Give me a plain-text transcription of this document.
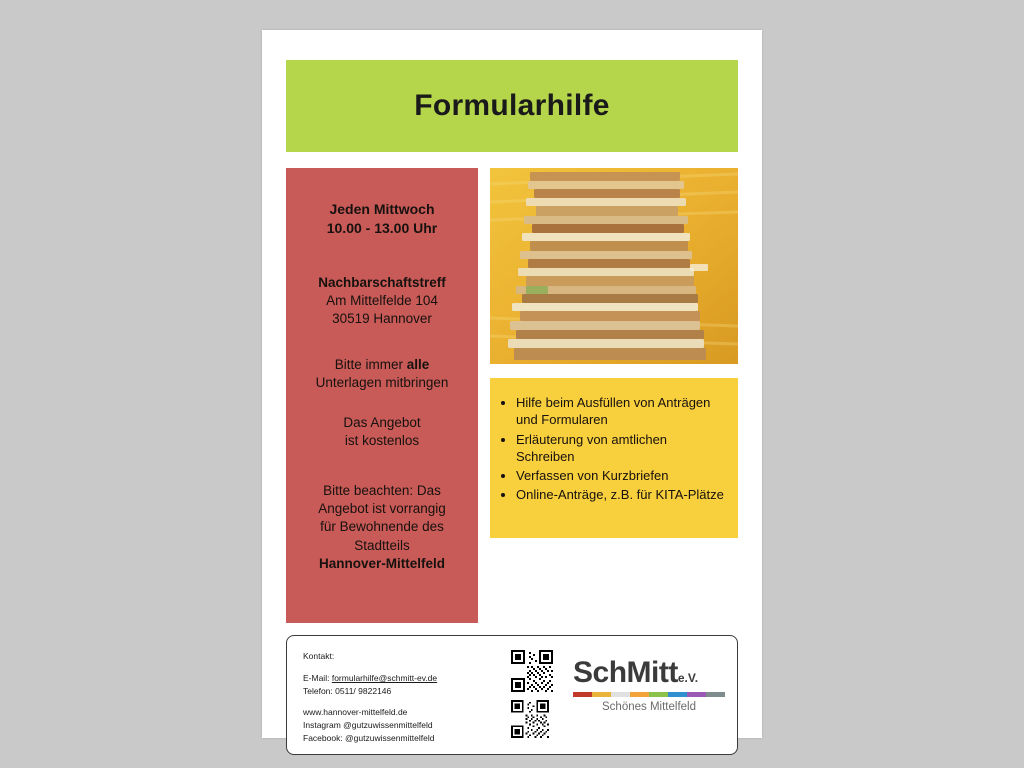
Formularhilfe
Jeden Mittwoch
10.00 - 13.00 Uhr
Nachbarschaftstreff
Am Mittelfelde 104
30519 Hannover
Bitte immer alle
Unterlagen mitbringen
Das Angebot
ist kostenlos
Bitte beachten: Das
Angebot ist vorrangig
für Bewohnende des
Stadtteils
Hannover-Mittelfeld
• Hilfe beim Ausfüllen von Anträgen und Formularen
• Erläuterung von amtlichen Schreiben
• Verfassen von Kurzbriefen
• Online-Anträge, z.B. für KITA-Plätze
Kontakt:
E-Mail: formularhilfe@schmitt-ev.de
Telefon: 0511/ 9822146
www.hannover-mittelfeld.de
Instagram @gutzuwissenmittelfeld
Facebook: @gutzuwissenmittelfeld
SchMitte.V.
Schönes Mittelfeld
